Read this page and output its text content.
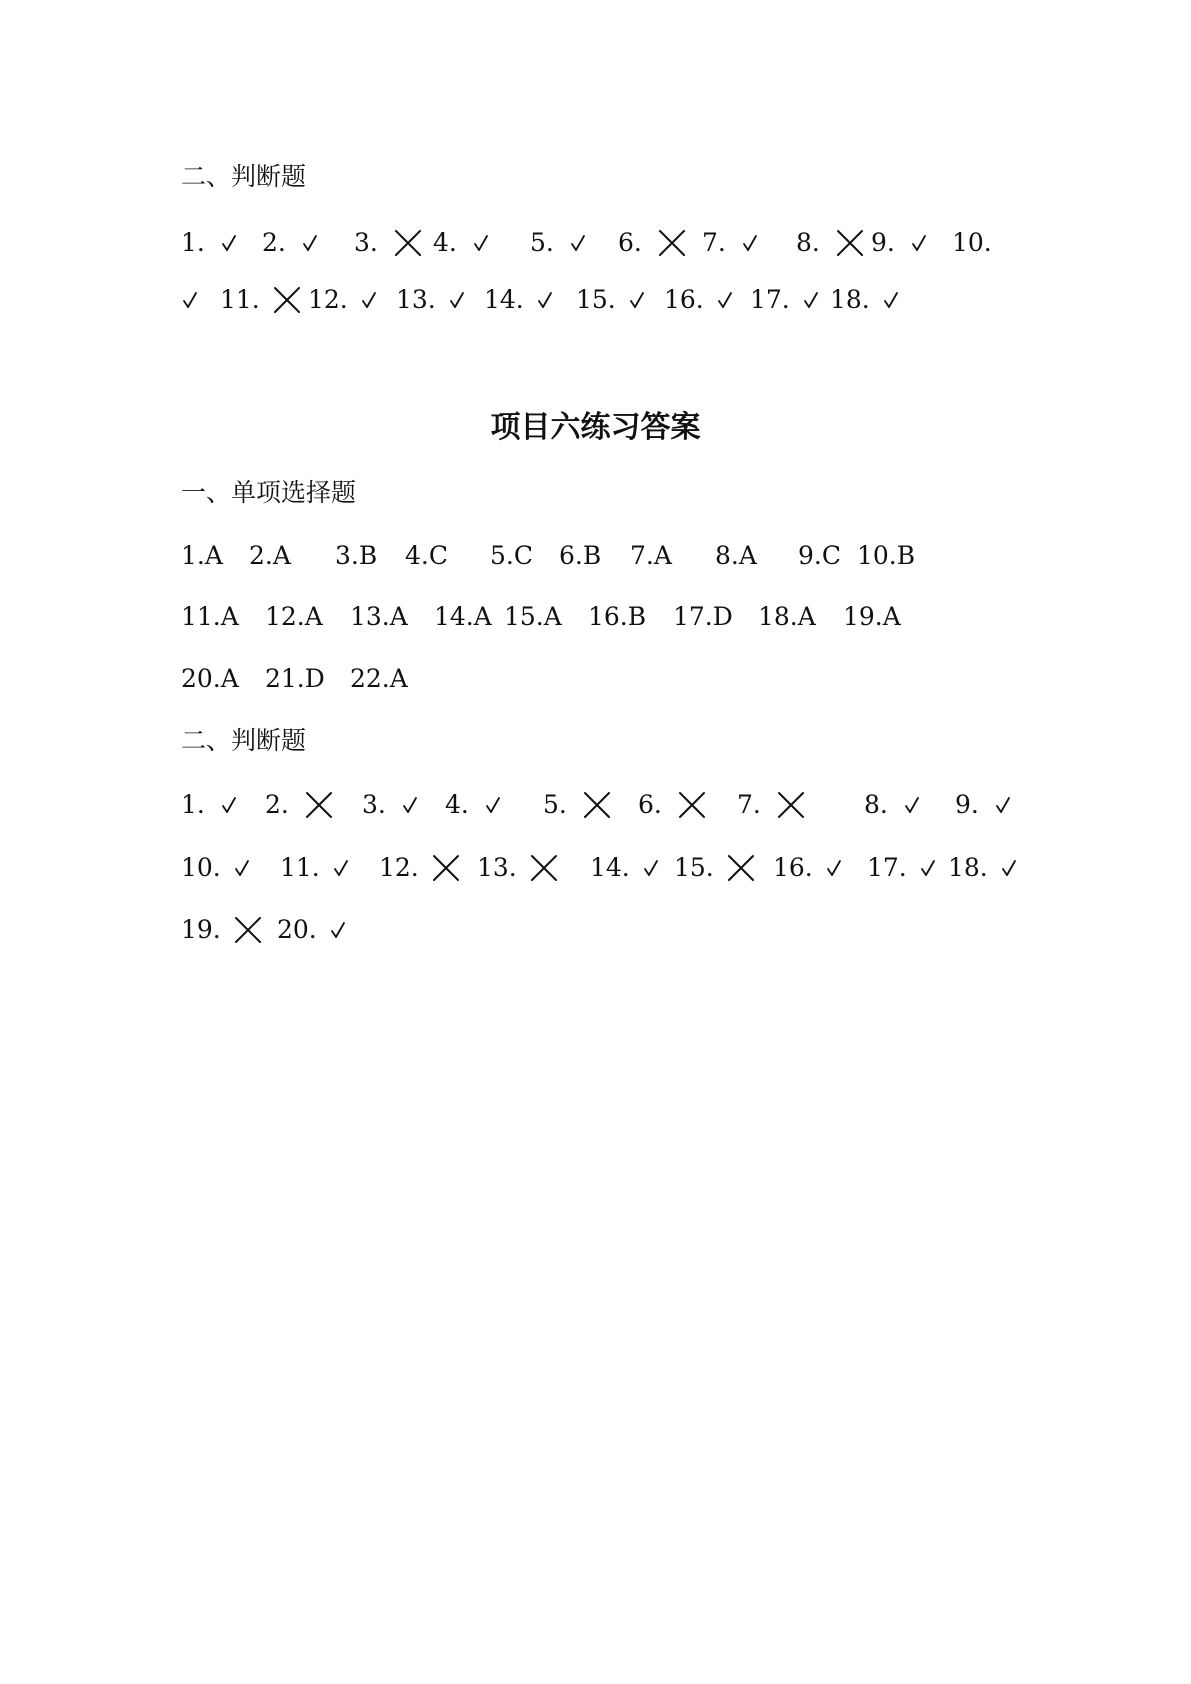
二、判断题
1. 2.	3. 4.	5.	6. 7.	8. 9. 10.
11. 12. 13. 14. 15. 16. 17. 18.
项目六练习答案
一、单项选择题
1.A 2.A 3.B 4.C 5.C 6.B 7.A 8.A 9.C 10.B
11.A 12.A 13.A 14.A 15.A 16.B 17.D 18.A 19.A
20.A 21.D 22.A
二、判断题
1. 2.	3. 4.	5.	6.	7.	8.	9.
10. 11. 12. 13.	14. 15. 16. 17. 18.
19. 20.
